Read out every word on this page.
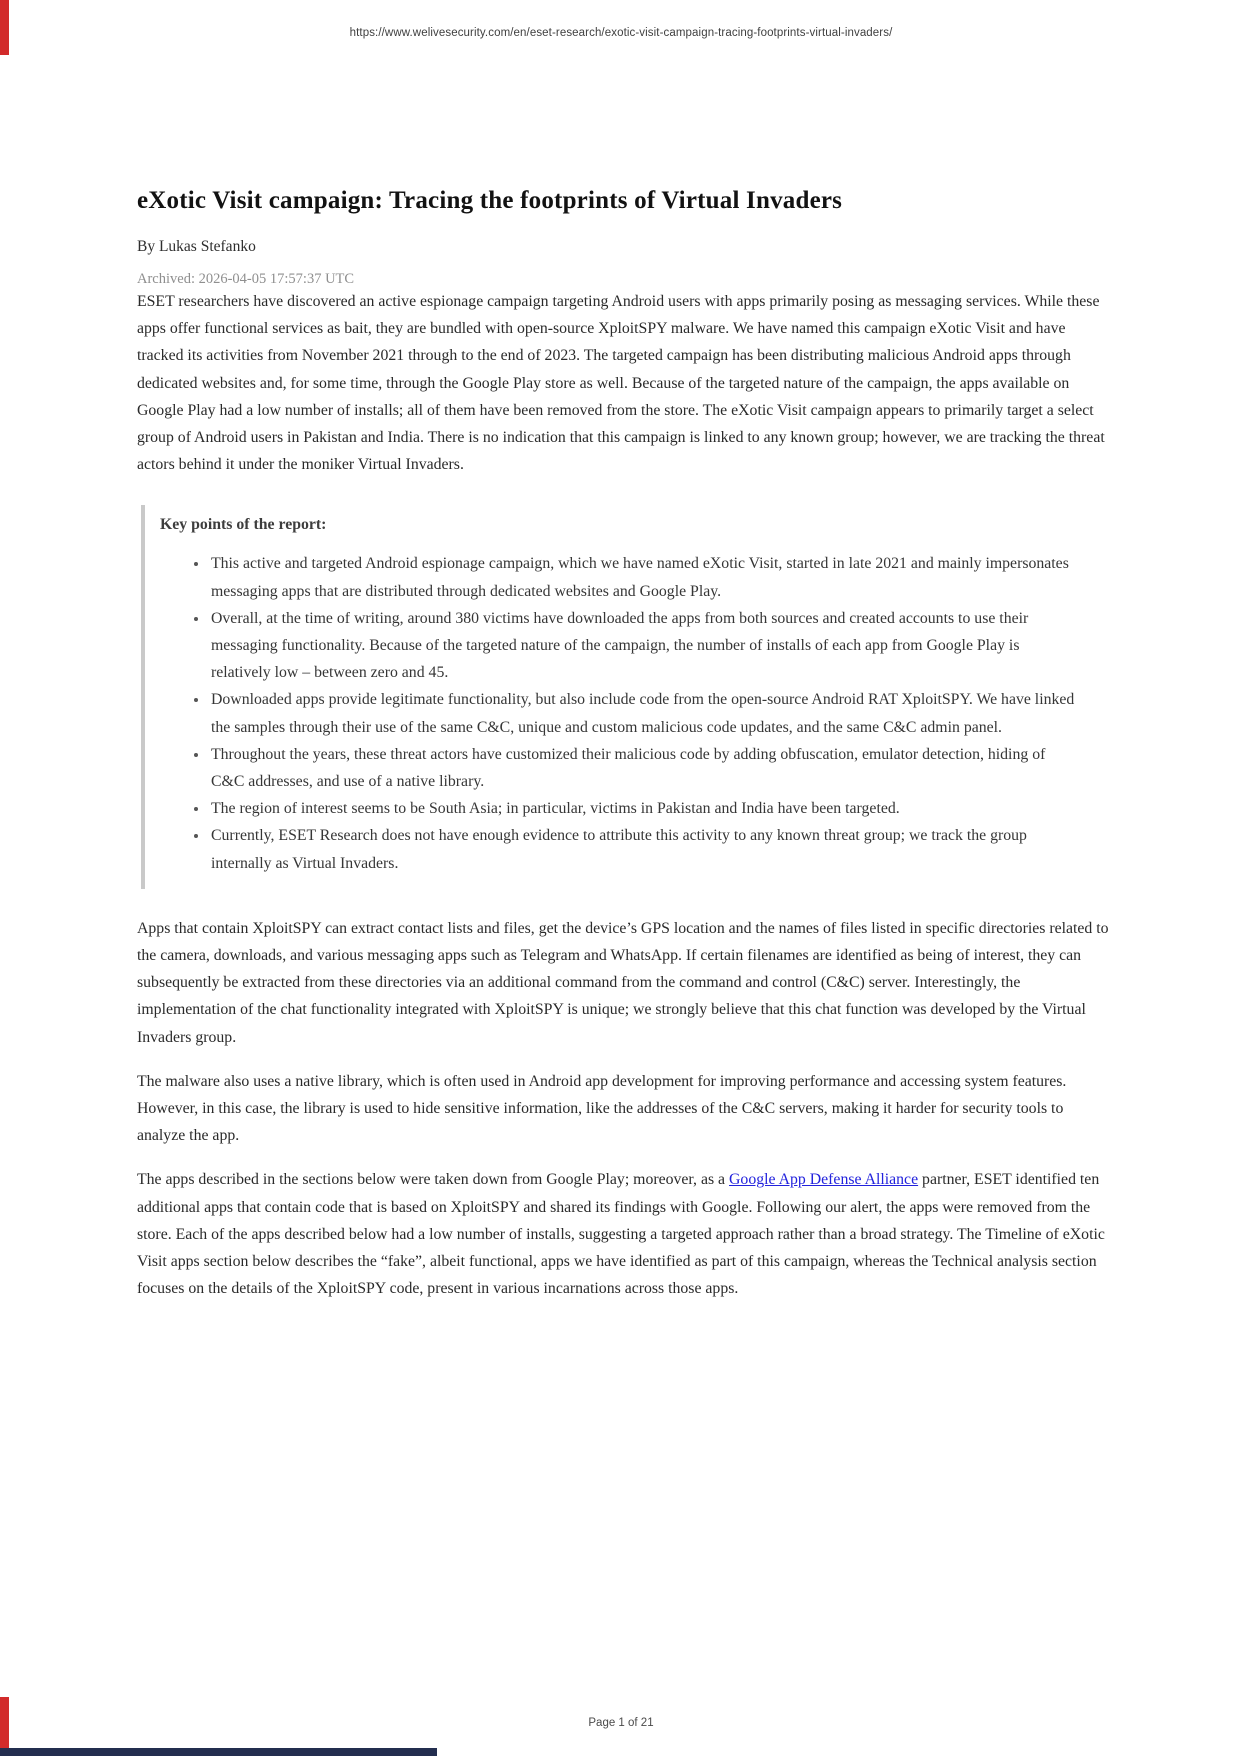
https://www.welivesecurity.com/en/eset-research/exotic-visit-campaign-tracing-footprints-virtual-invaders/
eXotic Visit campaign: Tracing the footprints of Virtual Invaders
By Lukas Stefanko
Archived: 2026-04-05 17:57:37 UTC

ESET researchers have discovered an active espionage campaign targeting Android users with apps primarily posing as messaging services. While these apps offer functional services as bait, they are bundled with open-source XploitSPY malware. We have named this campaign eXotic Visit and have tracked its activities from November 2021 through to the end of 2023. The targeted campaign has been distributing malicious Android apps through dedicated websites and, for some time, through the Google Play store as well. Because of the targeted nature of the campaign, the apps available on Google Play had a low number of installs; all of them have been removed from the store. The eXotic Visit campaign appears to primarily target a select group of Android users in Pakistan and India. There is no indication that this campaign is linked to any known group; however, we are tracking the threat actors behind it under the moniker Virtual Invaders.

Key points of the report:
• This active and targeted Android espionage campaign, which we have named eXotic Visit, started in late 2021 and mainly impersonates messaging apps that are distributed through dedicated websites and Google Play.
• Overall, at the time of writing, around 380 victims have downloaded the apps from both sources and created accounts to use their messaging functionality. Because of the targeted nature of the campaign, the number of installs of each app from Google Play is relatively low – between zero and 45.
• Downloaded apps provide legitimate functionality, but also include code from the open-source Android RAT XploitSPY. We have linked the samples through their use of the same C&C, unique and custom malicious code updates, and the same C&C admin panel.
• Throughout the years, these threat actors have customized their malicious code by adding obfuscation, emulator detection, hiding of C&C addresses, and use of a native library.
• The region of interest seems to be South Asia; in particular, victims in Pakistan and India have been targeted.
• Currently, ESET Research does not have enough evidence to attribute this activity to any known threat group; we track the group internally as Virtual Invaders.

Apps that contain XploitSPY can extract contact lists and files, get the device’s GPS location and the names of files listed in specific directories related to the camera, downloads, and various messaging apps such as Telegram and WhatsApp. If certain filenames are identified as being of interest, they can subsequently be extracted from these directories via an additional command from the command and control (C&C) server. Interestingly, the implementation of the chat functionality integrated with XploitSPY is unique; we strongly believe that this chat function was developed by the Virtual Invaders group.

The malware also uses a native library, which is often used in Android app development for improving performance and accessing system features. However, in this case, the library is used to hide sensitive information, like the addresses of the C&C servers, making it harder for security tools to analyze the app.

The apps described in the sections below were taken down from Google Play; moreover, as a Google App Defense Alliance partner, ESET identified ten additional apps that contain code that is based on XploitSPY and shared its findings with Google. Following our alert, the apps were removed from the store. Each of the apps described below had a low number of installs, suggesting a targeted approach rather than a broad strategy. The Timeline of eXotic Visit apps section below describes the “fake”, albeit functional, apps we have identified as part of this campaign, whereas the Technical analysis section focuses on the details of the XploitSPY code, present in various incarnations across those apps.

Page 1 of 21
